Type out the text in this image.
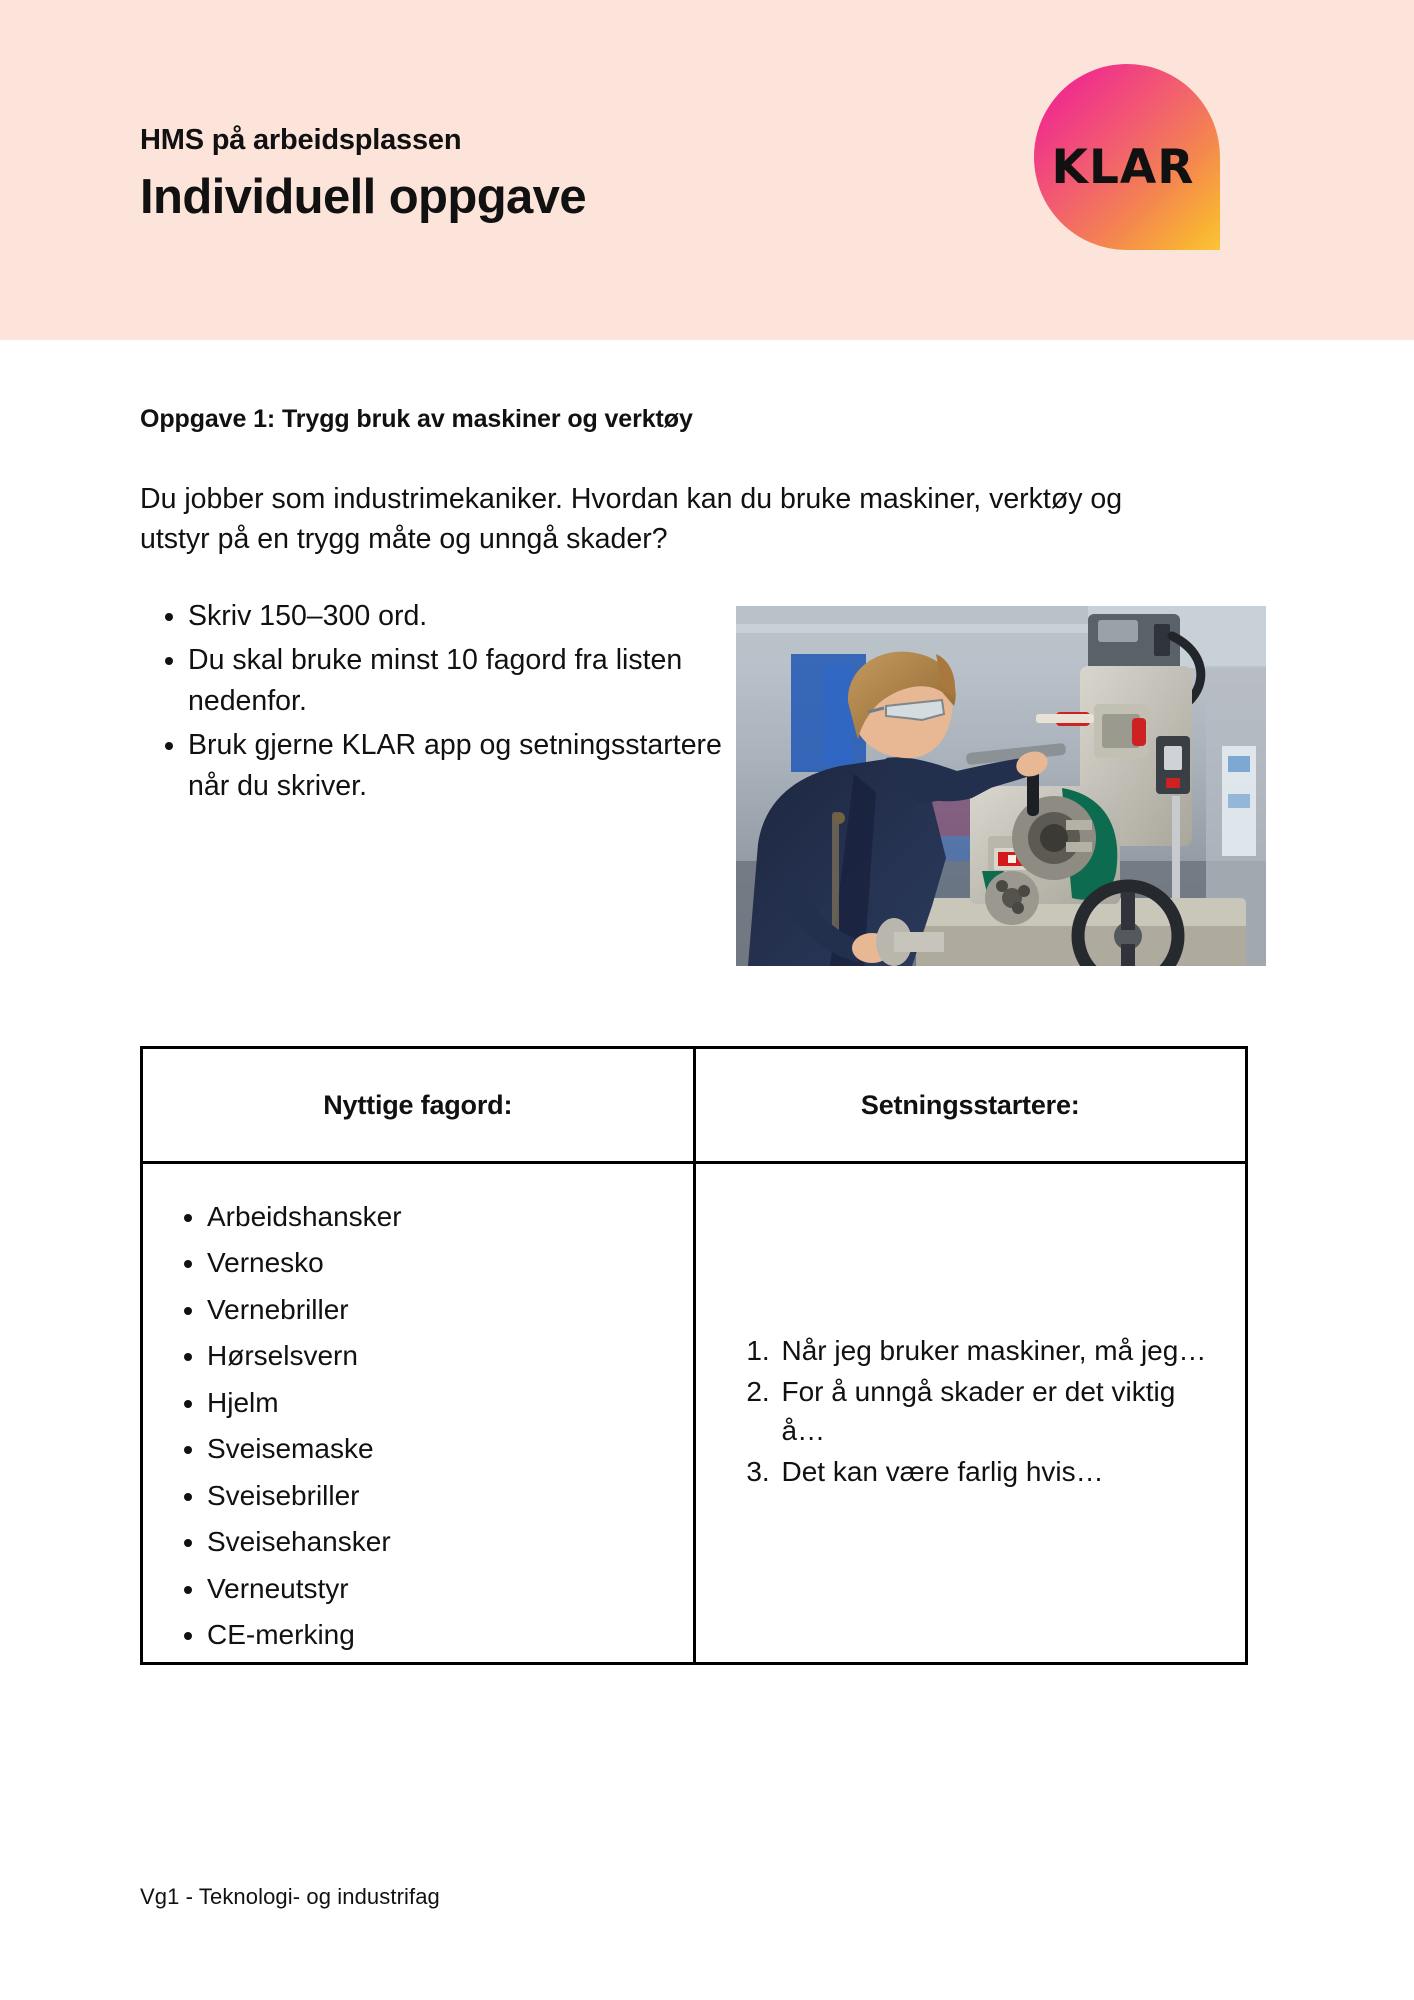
HMS på arbeidsplassen
Individuell oppgave
KLAR
Oppgave 1: Trygg bruk av maskiner og verktøy

Du jobber som industrimekaniker. Hvordan kan du bruke maskiner, verktøy og utstyr på en trygg måte og unngå skader?

• Skriv 150–300 ord.
• Du skal bruke minst 10 fagord fra listen nedenfor.
• Bruk gjerne KLAR app og setningsstartere når du skriver.
Nyttige fagord:	Setningsstartere:

• Arbeidshansker
• Vernesko
• Vernebriller
• Hørselsvern
• Hjelm
• Sveisemaske
• Sveisebriller
• Sveisehansker
• Verneutstyr
• CE-merking

1. Når jeg bruker maskiner, må jeg…
2. For å unngå skader er det viktig å…
3. Det kan være farlig hvis…
Vg1 - Teknologi- og industrifag
